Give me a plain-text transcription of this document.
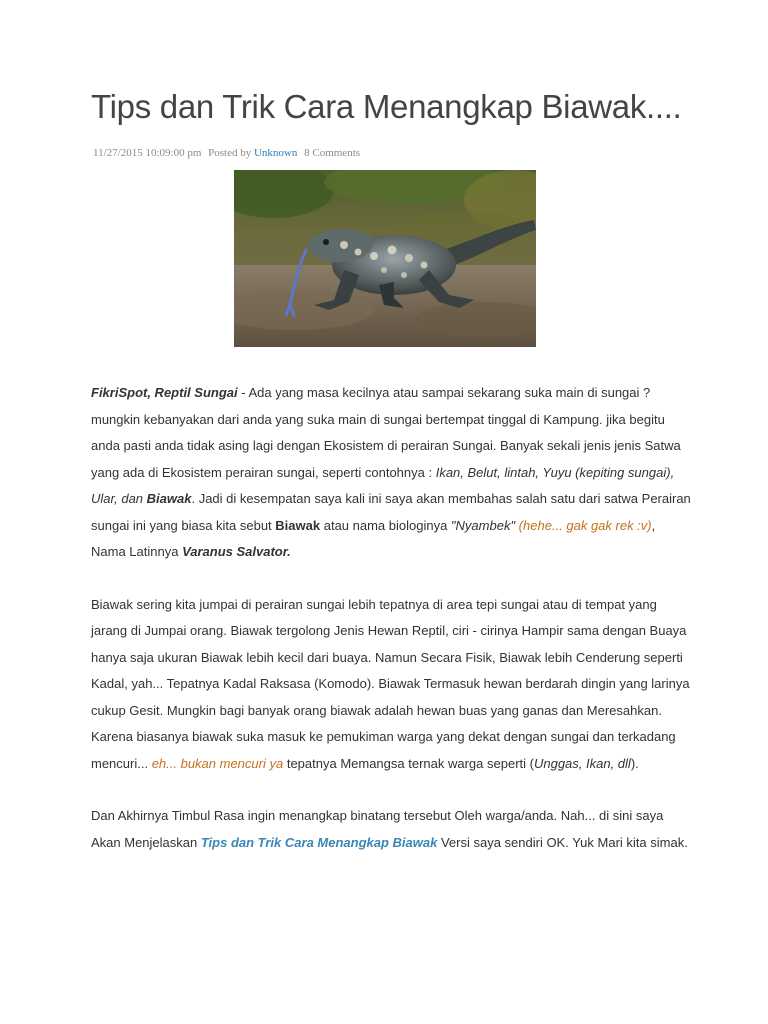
Tips dan Trik Cara Menangkap Biawak....
11/27/2015 10:09:00 pm Posted by Unknown 8 Comments

FikriSpot, Reptil Sungai - Ada yang masa kecilnya atau sampai sekarang suka main di sungai ? mungkin kebanyakan dari anda yang suka main di sungai bertempat tinggal di Kampung. jika begitu anda pasti anda tidak asing lagi dengan Ekosistem di perairan Sungai. Banyak sekali jenis jenis Satwa yang ada di Ekosistem perairan sungai, seperti contohnya : Ikan, Belut, lintah, Yuyu (kepiting sungai), Ular, dan Biawak. Jadi di kesempatan saya kali ini saya akan membahas salah satu dari satwa Perairan sungai ini yang biasa kita sebut Biawak atau nama biologinya "Nyambek" (hehe... gak gak rek :v), Nama Latinnya Varanus Salvator.

Biawak sering kita jumpai di perairan sungai lebih tepatnya di area tepi sungai atau di tempat yang jarang di Jumpai orang. Biawak tergolong Jenis Hewan Reptil, ciri - cirinya Hampir sama dengan Buaya hanya saja ukuran Biawak lebih kecil dari buaya. Namun Secara Fisik, Biawak lebih Cenderung seperti Kadal, yah... Tepatnya Kadal Raksasa (Komodo). Biawak Termasuk hewan berdarah dingin yang larinya cukup Gesit. Mungkin bagi banyak orang biawak adalah hewan buas yang ganas dan Meresahkan. Karena biasanya biawak suka masuk ke pemukiman warga yang dekat dengan sungai dan terkadang mencuri... eh... bukan mencuri ya tepatnya Memangsa ternak warga seperti (Unggas, Ikan, dll).

Dan Akhirnya Timbul Rasa ingin menangkap binatang tersebut Oleh warga/anda. Nah... di sini saya Akan Menjelaskan Tips dan Trik Cara Menangkap Biawak Versi saya sendiri OK. Yuk Mari kita simak.
